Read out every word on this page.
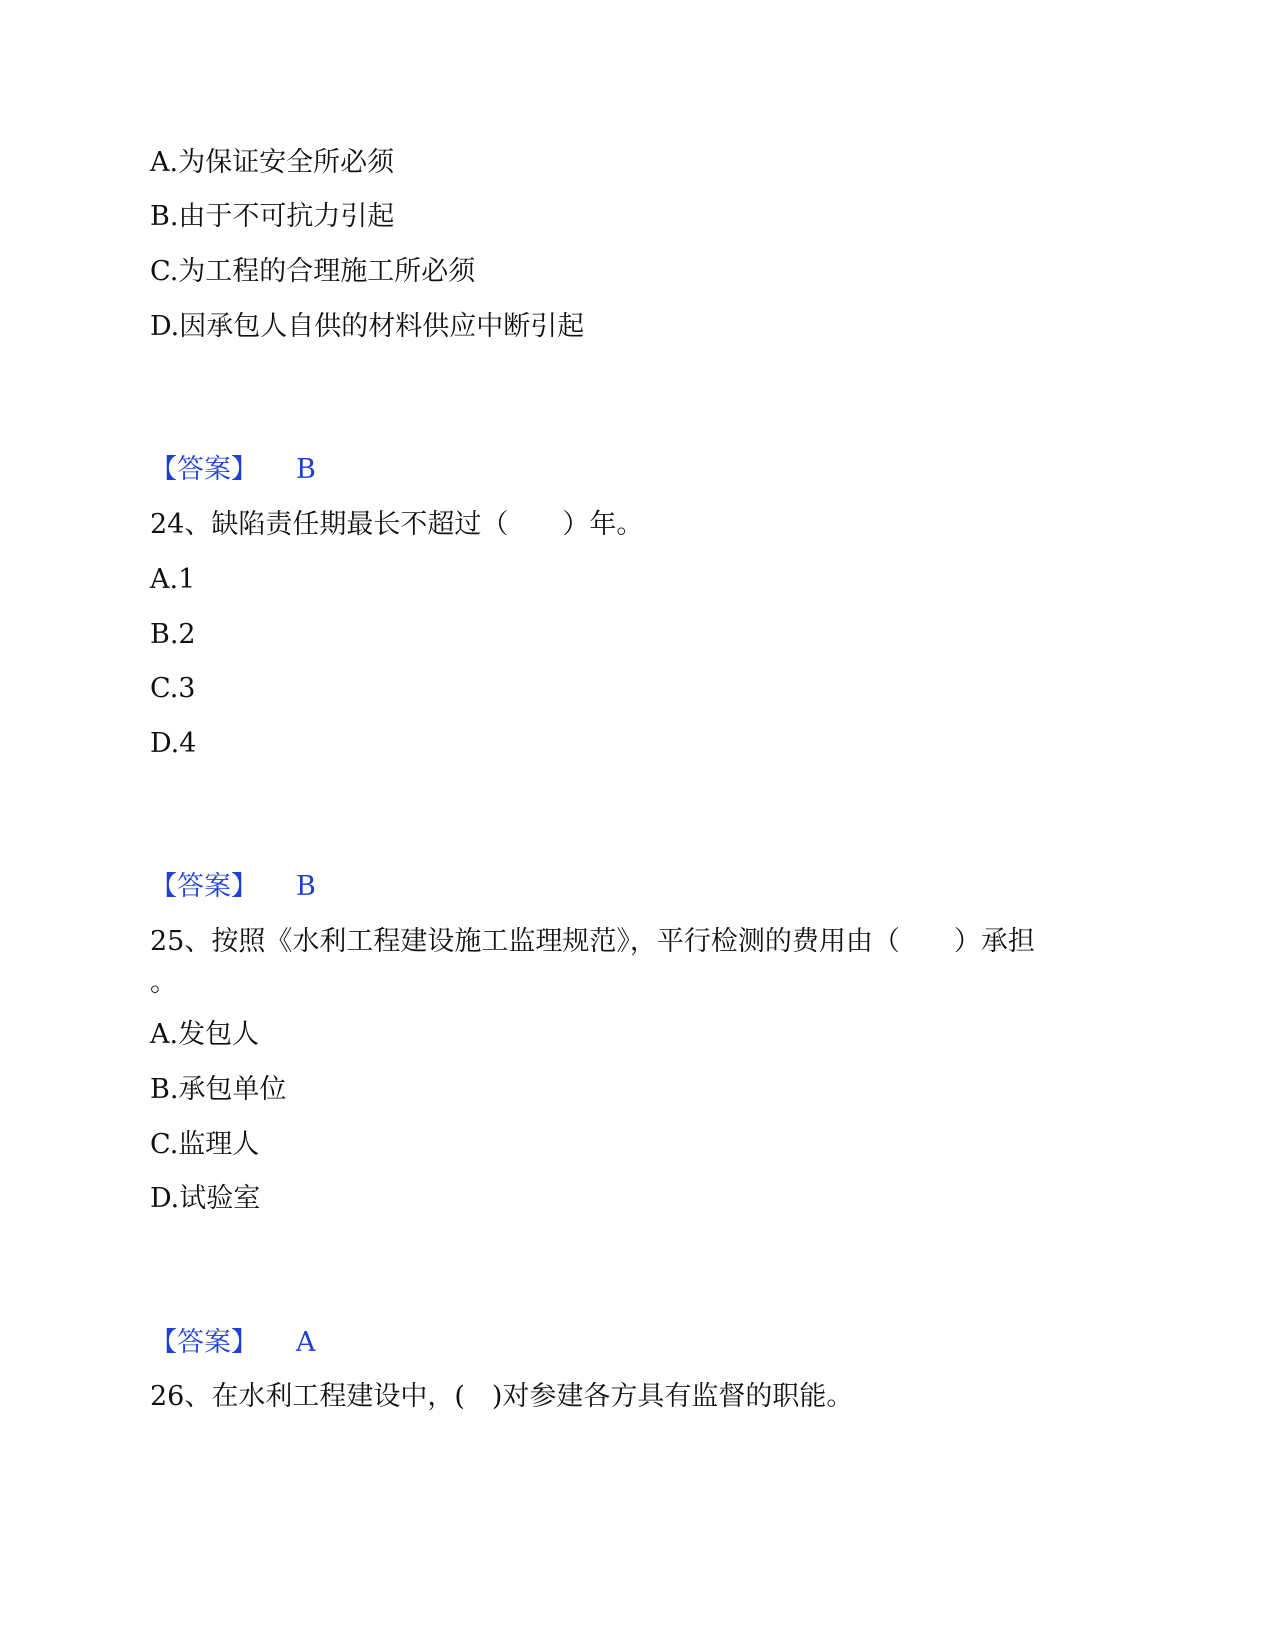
A.为保证安全所必须
B.由于不可抗力引起
C.为工程的合理施工所必须
D.因承包人自供的材料供应中断引起
【答案】 B
24、缺陷责任期最长不超过（　　）年。
A.1
B.2
C.3
D.4
【答案】 B
25、按照《水利工程建设施工监理规范》，平行检测的费用由（　　）承担
。
A.发包人
B.承包单位
C.监理人
D.试验室
【答案】 A
26、在水利工程建设中，(　)对参建各方具有监督的职能。
